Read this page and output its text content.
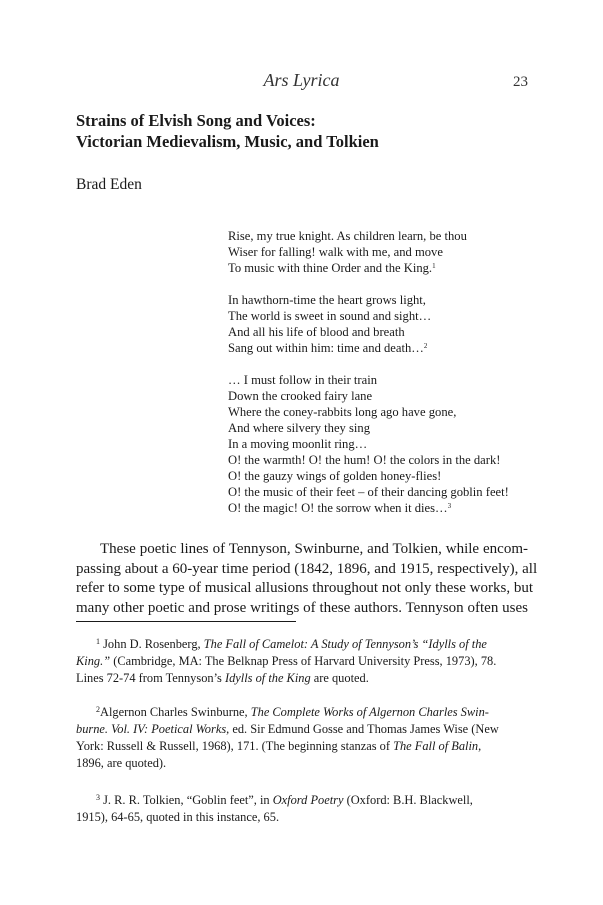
Ars Lyrica	23
Strains of Elvish Song and Voices:
Victorian Medievalism, Music, and Tolkien
Brad Eden
Rise, my true knight. As children learn, be thou
Wiser for falling! walk with me, and move
To music with thine Order and the King.$^1$
In hawthorn-time the heart grows light,
The world is sweet in sound and sight…
And all his life of blood and breath
Sang out within him: time and death…$^2$
… I must follow in their train
Down the crooked fairy lane
Where the coney-rabbits long ago have gone,
And where silvery they sing
In a moving moonlit ring…
O! the warmth! O! the hum! O! the colors in the dark!
O! the gauzy wings of golden honey-flies!
O! the music of their feet – of their dancing goblin feet!
O! the magic! O! the sorrow when it dies…$^3$
These poetic lines of Tennyson, Swinburne, and Tolkien, while encom-
passing about a 60-year time period (1842, 1896, and 1915, respectively), all
refer to some type of musical allusions throughout not only these works, but
many other poetic and prose writings of these authors. Tennyson often uses
$^1$ John D. Rosenberg, The Fall of Camelot: A Study of Tennyson’s “Idylls of the
King.” (Cambridge, MA: The Belknap Press of Harvard University Press, 1973), 78.
Lines 72-74 from Tennyson’s Idylls of the King are quoted.
$^2$Algernon Charles Swinburne, The Complete Works of Algernon Charles Swin-
burne. Vol. IV: Poetical Works, ed. Sir Edmund Gosse and Thomas James Wise (New
York: Russell & Russell, 1968), 171. (The beginning stanzas of The Fall of Balin,
1896, are quoted).
$^3$ J. R. R. Tolkien, “Goblin feet”, in Oxford Poetry (Oxford: B.H. Blackwell,
1915), 64-65, quoted in this instance, 65.
